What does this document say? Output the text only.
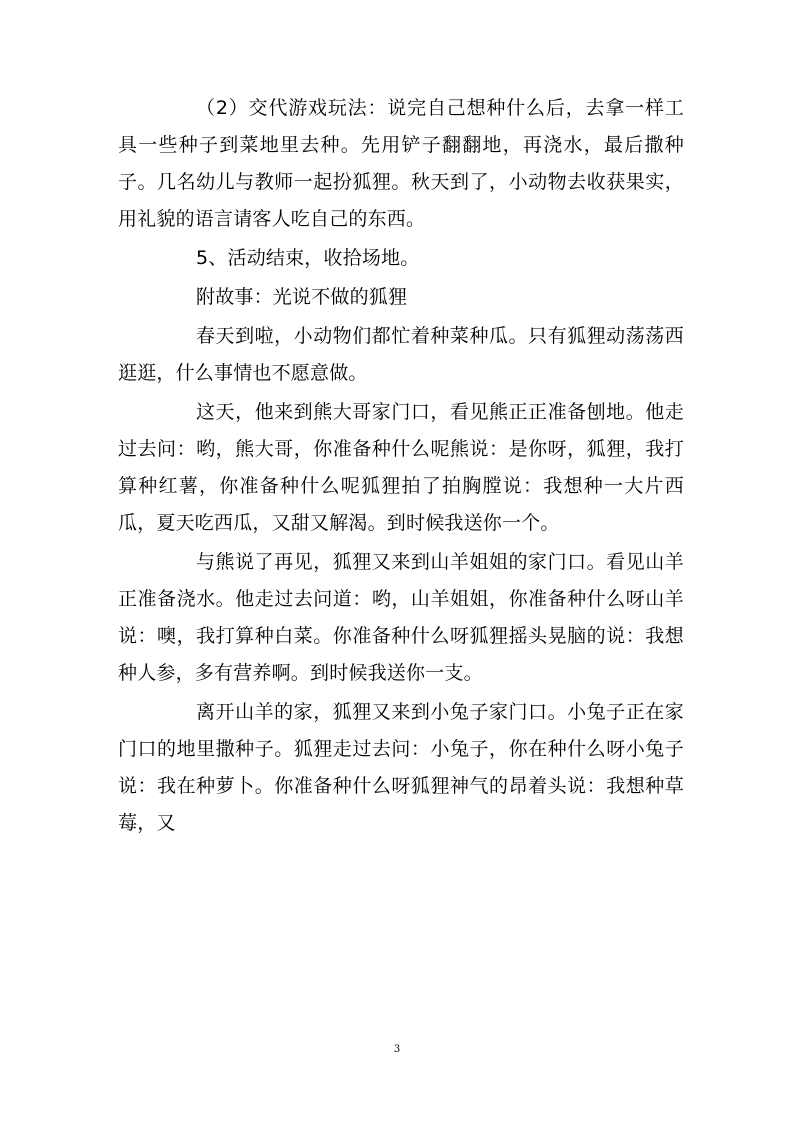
（2）交代游戏玩法：说完自己想种什么后，去拿一样工具一些种子到菜地里去种。先用铲子翻翻地，再浇水，最后撒种子。几名幼儿与教师一起扮狐狸。秋天到了，小动物去收获果实，用礼貌的语言请客人吃自己的东西。

5、活动结束，收拾场地。

附故事：光说不做的狐狸

春天到啦，小动物们都忙着种菜种瓜。只有狐狸动荡荡西逛逛，什么事情也不愿意做。

这天，他来到熊大哥家门口，看见熊正正准备刨地。他走过去问：哟，熊大哥，你准备种什么呢熊说：是你呀，狐狸，我打算种红薯，你准备种什么呢狐狸拍了拍胸膛说：我想种一大片西瓜，夏天吃西瓜，又甜又解渴。到时候我送你一个。

与熊说了再见，狐狸又来到山羊姐姐的家门口。看见山羊正准备浇水。他走过去问道：哟，山羊姐姐，你准备种什么呀山羊说：噢，我打算种白菜。你准备种什么呀狐狸摇头晃脑的说：我想种人参，多有营养啊。到时候我送你一支。

离开山羊的家，狐狸又来到小兔子家门口。小兔子正在家门口的地里撒种子。狐狸走过去问：小兔子，你在种什么呀小兔子说：我在种萝卜。你准备种什么呀狐狸神气的昂着头说：我想种草莓，又

3
